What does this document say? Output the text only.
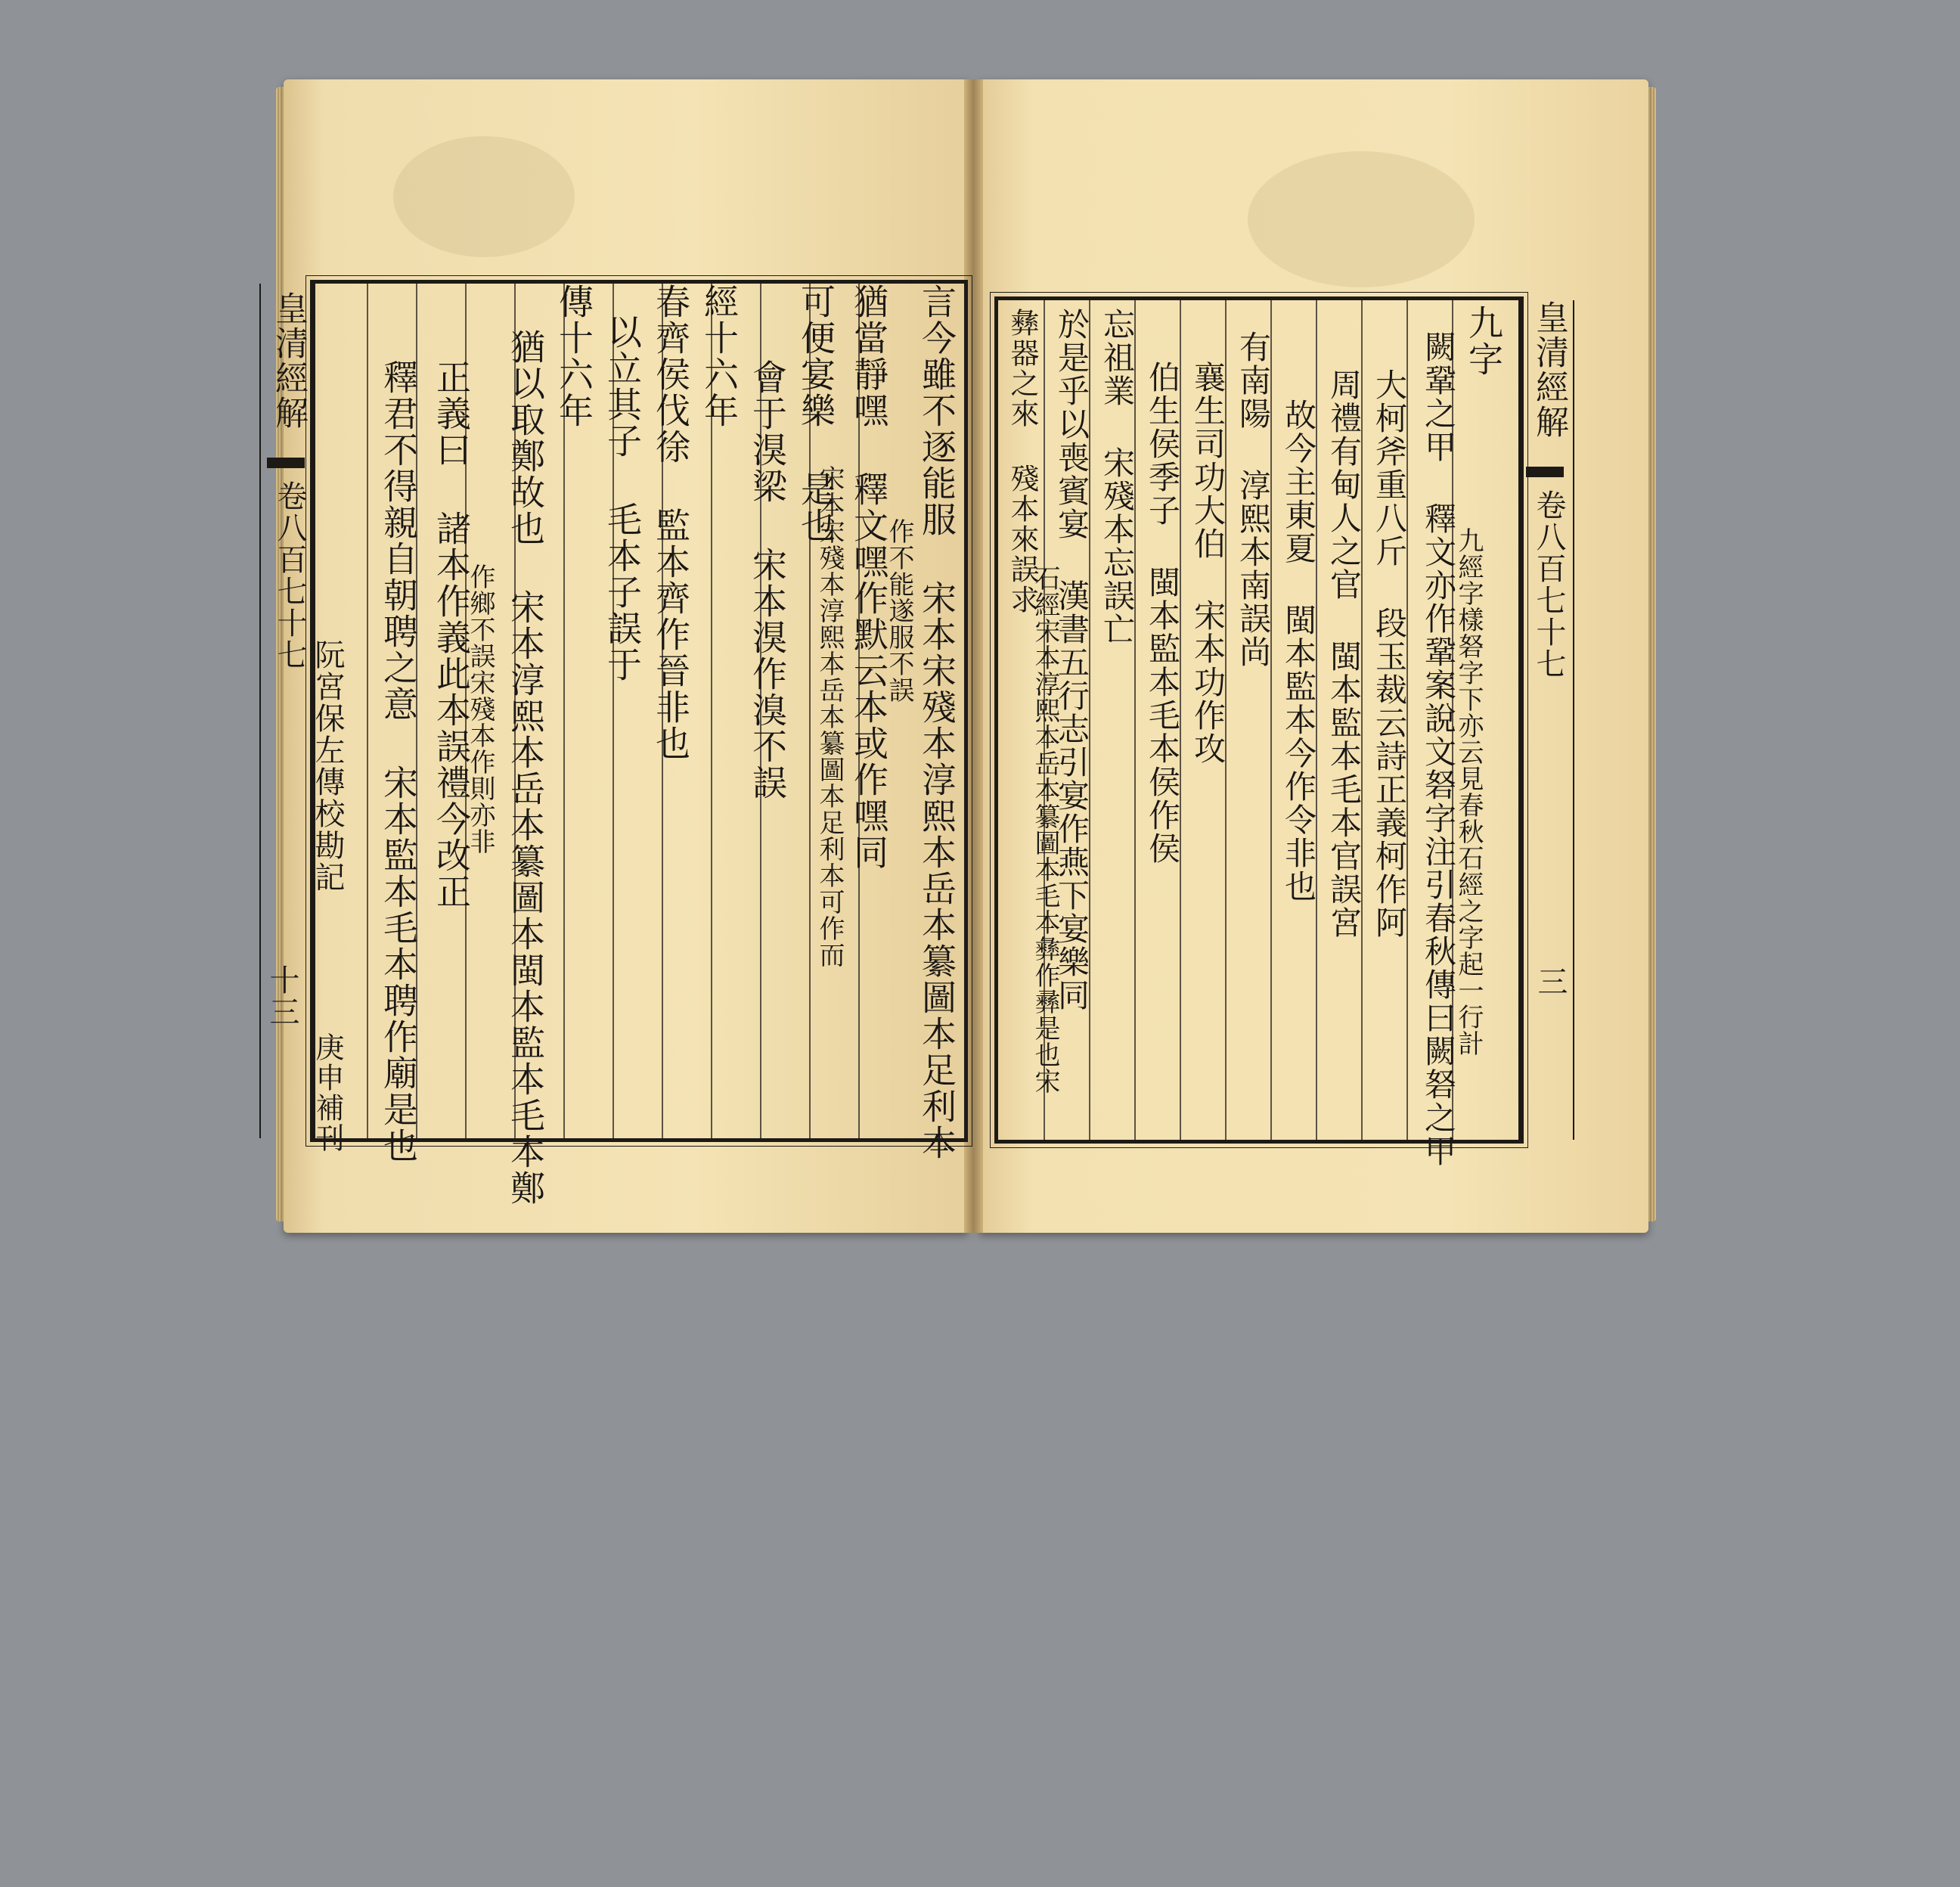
言今雖不逐能服 宋本宋殘本淳熙本岳本纂圖本足利本
作不能遂服不誤
猶當靜嘿 釋文嘿作默云本或作嘿同
宋本宋殘本淳熙本岳本纂圖本足利本可作而
可便宴樂 是也
會于湨梁 宋本湨作溴不誤
經十六年
春齊侯伐徐 監本齊作晉非也
以立其子 毛本子誤于
傳十六年
猶以取鄭故也 宋本淳熙本岳本纂圖本閩本監本毛本鄭
作鄉不誤宋殘本作則亦非
正義曰 諸本作義此本誤禮今改正
釋君不得親自朝聘之意 宋本監本毛本聘作廟是也
皇清經解
卷八百七十七
阮宮保左傳校勘記
十三
庚申補刊
九字
闕鞏之甲 釋文亦作鞏案說文砮字注引春秋傳曰闕砮之甲
九經字樣砮字下亦云見春秋石經之字起一行計
大柯斧重八斤 段玉裁云詩正義柯作阿
周禮有甸人之官 閩本監本毛本官誤宮
故今主東夏 閩本監本今作令非也
有南陽 淳熙本南誤尚
襄生司功大伯 宋本功作攻
伯生侯季子 閩本監本毛本侯作侯
忘祖業 宋殘本忘誤亡
於是乎以喪賓宴 漢書五行志引宴作燕下宴樂同
石經宋本淳熙本岳本纂圖本毛本彝作彞是也宋
彝器之來 殘本來誤求	皇清經解
卷八百七十七
三
